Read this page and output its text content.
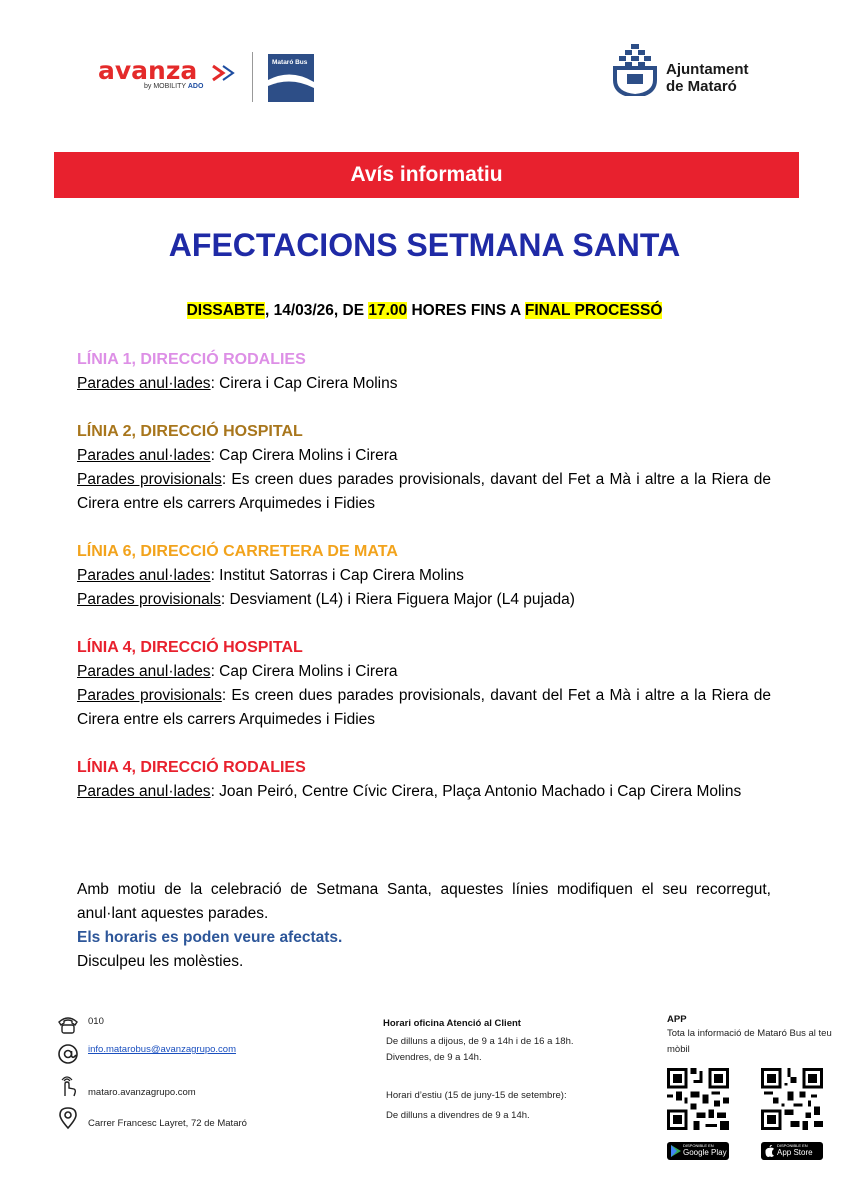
avanza
by MOBILITY ADO
Mataró Bus	Ajuntament
de Mataró
Avís informatiu
AFECTACIONS SETMANA SANTA
DISSABTE, 14/03/26, DE 17.00 HORES FINS A FINAL PROCESSÓ
LÍNIA 1, DIRECCIÓ RODALIES
Parades anul·lades: Cirera i Cap Cirera Molins
LÍNIA 2, DIRECCIÓ HOSPITAL
Parades anul·lades: Cap Cirera Molins i Cirera
Parades provisionals: Es creen dues parades provisionals, davant del Fet a Mà i altre a la Riera de Cirera entre els carrers Arquimedes i Fidies
LÍNIA 6, DIRECCIÓ CARRETERA DE MATA
Parades anul·lades: Institut Satorras i Cap Cirera Molins
Parades provisionals: Desviament (L4) i Riera Figuera Major (L4 pujada)
LÍNIA 4, DIRECCIÓ HOSPITAL
Parades anul·lades: Cap Cirera Molins i Cirera
Parades provisionals: Es creen dues parades provisionals, davant del Fet a Mà i altre a la Riera de Cirera entre els carrers Arquimedes i Fidies
LÍNIA 4, DIRECCIÓ RODALIES
Parades anul·lades: Joan Peiró, Centre Cívic Cirera, Plaça Antonio Machado i Cap Cirera Molins
Amb motiu de la celebració de Setmana Santa, aquestes línies modifiquen el seu recorregut, anul·lant aquestes parades.
Els horaris es poden veure afectats.
Disculpeu les molèsties.
010
info.matarobus@avanzagrupo.com
mataro.avanzagrupo.com
Carrer Francesc Layret, 72 de Mataró
Horari oficina Atenció al Client
De dilluns a dijous, de 9 a 14h i de 16 a 18h. Divendres, de 9 a 14h.
Horari d’estiu (15 de juny-15 de setembre):
De dilluns a divendres de 9 a 14h.
APP
Tota la informació de Mataró Bus al teu mòbil
DISPONIBLE EN
Google Play
DISPONIBLE EN
App Store
